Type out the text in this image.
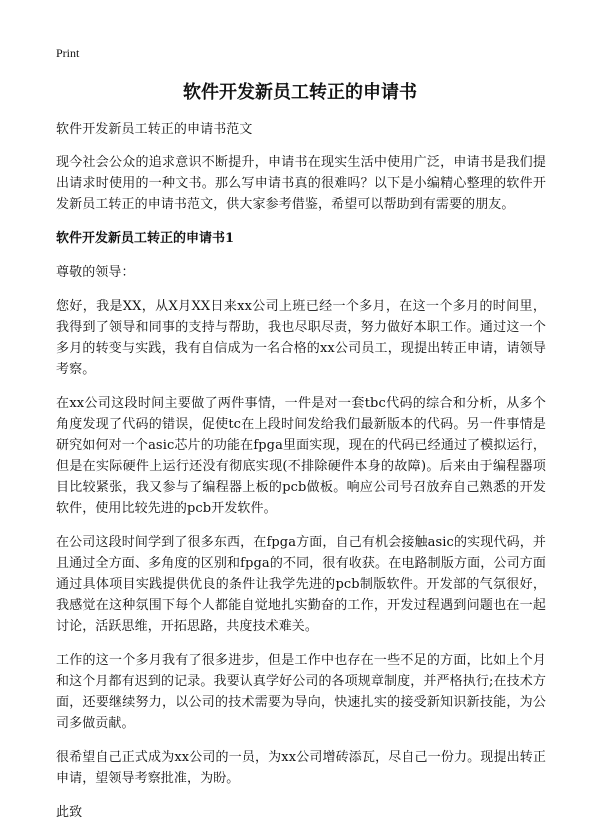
Print
软件开发新员工转正的申请书

软件开发新员工转正的申请书范文

现今社会公众的追求意识不断提升，申请书在现实生活中使用广泛，申请书是我们提出请求时使用的一种文书。那么写申请书真的很难吗？以下是小编精心整理的软件开发新员工转正的申请书范文，供大家参考借鉴，希望可以帮助到有需要的朋友。

软件开发新员工转正的申请书1

尊敬的领导：

您好，我是XX，从X月XX日来xx公司上班已经一个多月，在这一个多月的时间里，我得到了领导和同事的支持与帮助，我也尽职尽责，努力做好本职工作。通过这一个多月的转变与实践，我有自信成为一名合格的xx公司员工，现提出转正申请，请领导考察。

在xx公司这段时间主要做了两件事情，一件是对一套tbc代码的综合和分析，从多个角度发现了代码的错误，促使tc在上段时间发给我们最新版本的代码。另一件事情是研究如何对一个asic芯片的功能在fpga里面实现，现在的代码已经通过了模拟运行，但是在实际硬件上运行还没有彻底实现(不排除硬件本身的故障)。后来由于编程器项目比较紧张，我又参与了编程器上板的pcb做板。响应公司号召放弃自己熟悉的开发软件，使用比较先进的pcb开发软件。

在公司这段时间学到了很多东西，在fpga方面，自己有机会接触asic的实现代码，并且通过全方面、多角度的区别和fpga的不同，很有收获。在电路制版方面，公司方面通过具体项目实践提供优良的条件让我学先进的pcb制版软件。开发部的气氛很好，我感觉在这种氛围下每个人都能自觉地扎实勤奋的工作，开发过程遇到问题也在一起讨论，活跃思维，开拓思路，共度技术难关。

工作的这一个多月我有了很多进步，但是工作中也存在一些不足的方面，比如上个月和这个月都有迟到的记录。我要认真学好公司的各项规章制度，并严格执行;在技术方面，还要继续努力，以公司的技术需要为导向，快速扎实的接受新知识新技能，为公司多做贡献。

很希望自己正式成为xx公司的一员，为xx公司增砖添瓦，尽自己一份力。现提出转正申请，望领导考察批准，为盼。

此致
